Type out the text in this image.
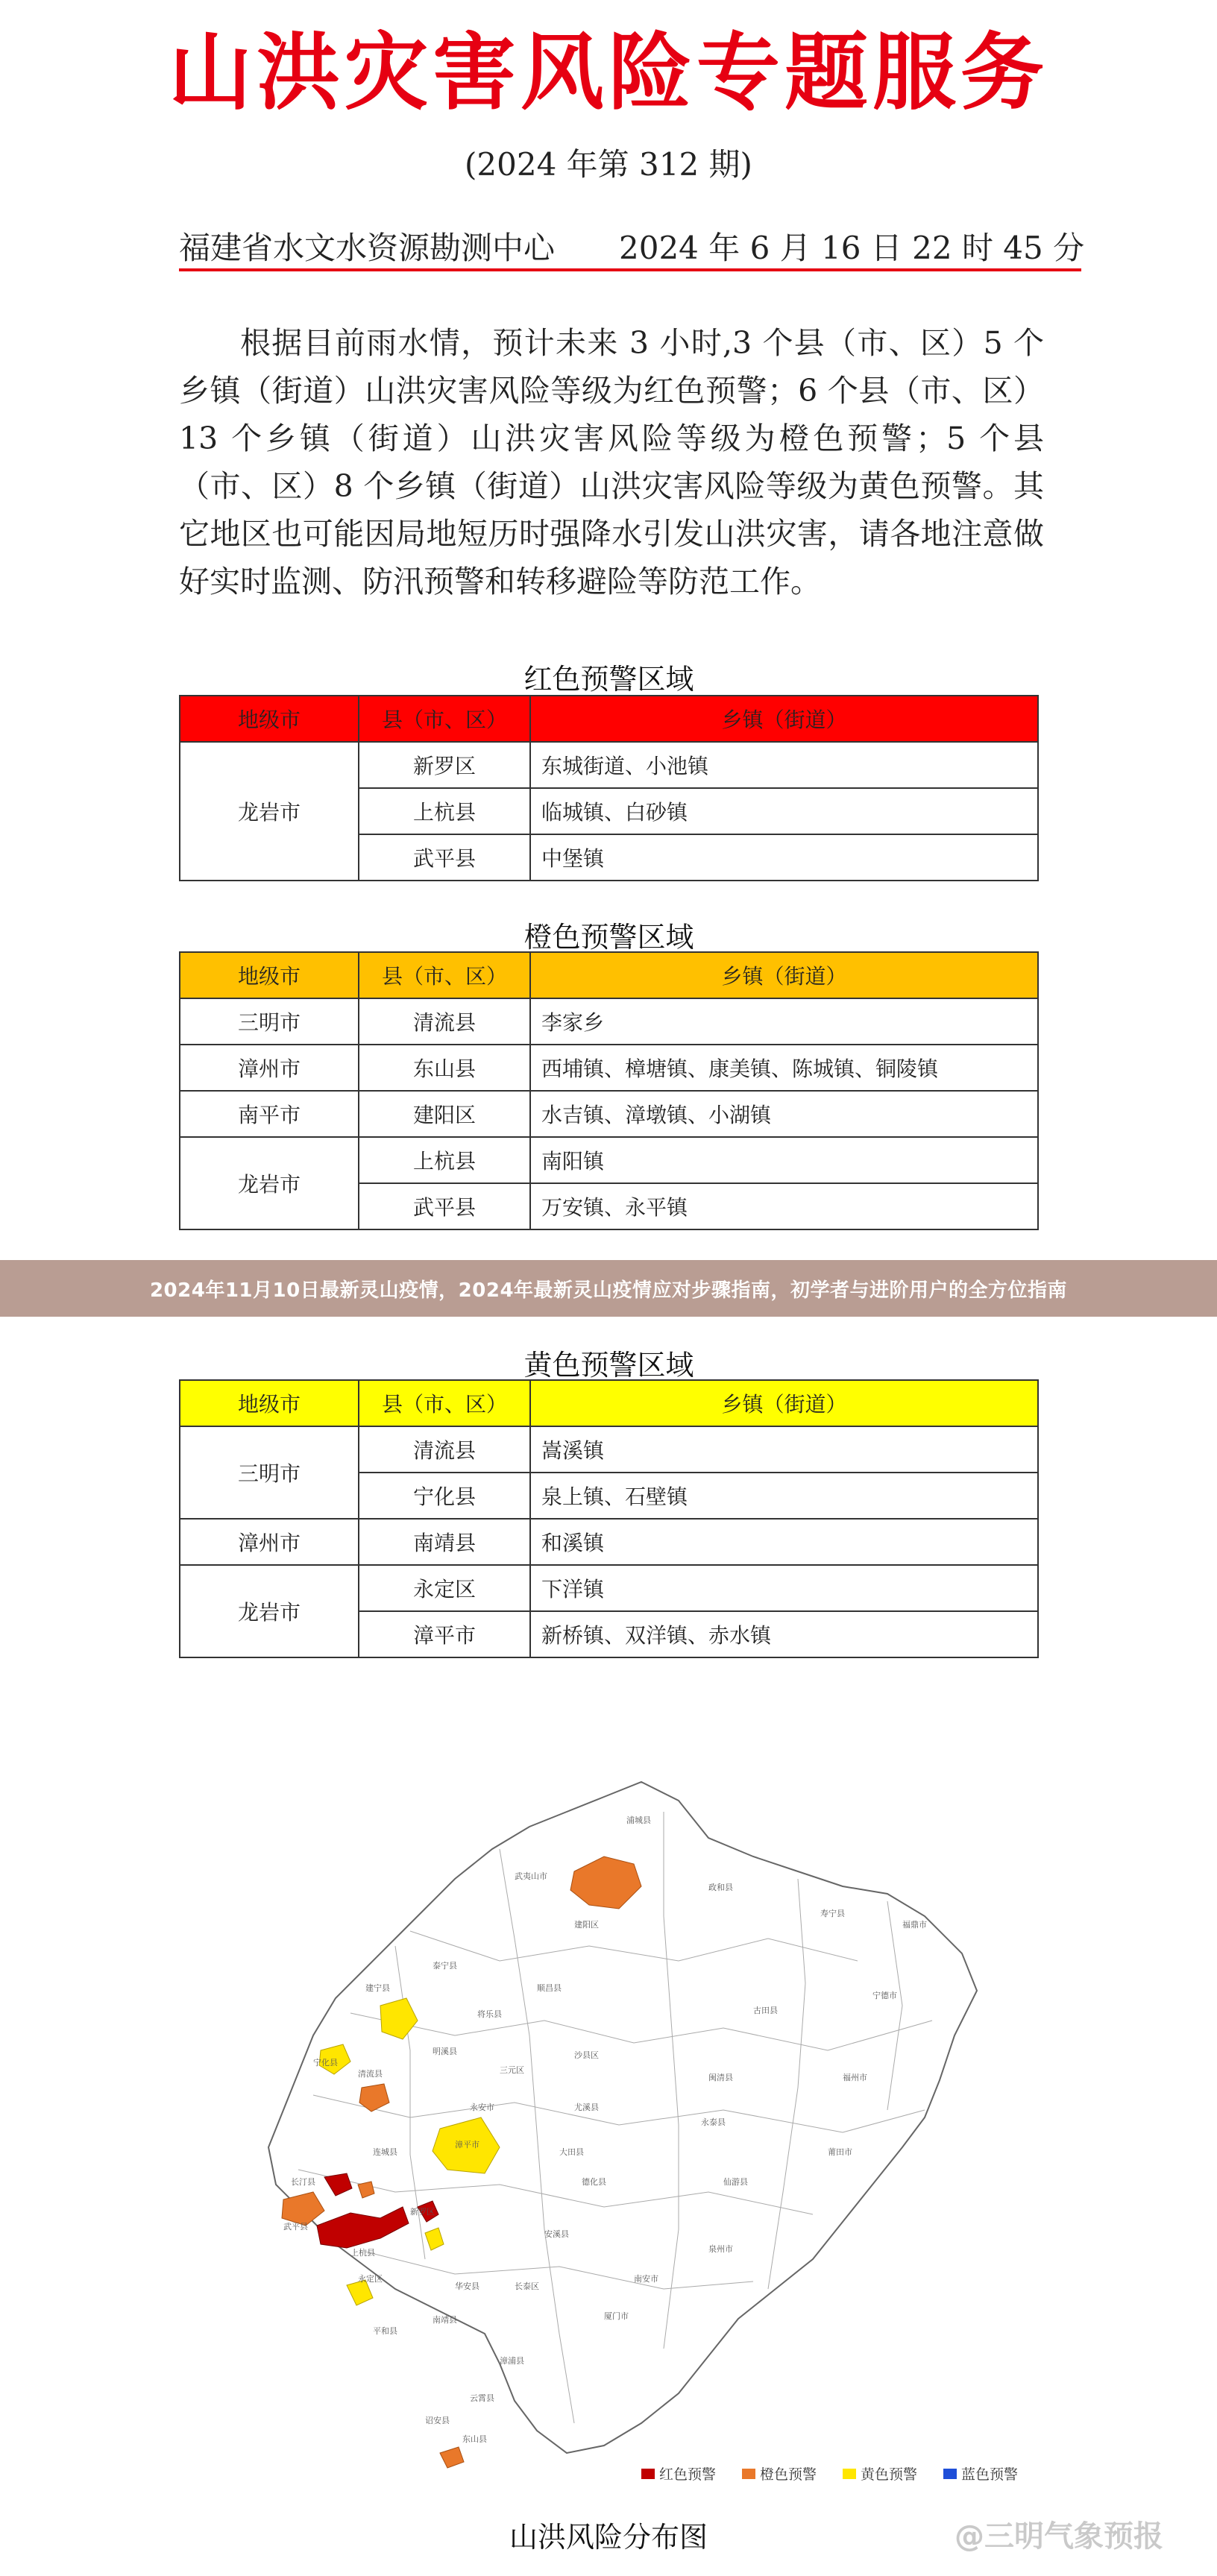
山洪灾害风险专题服务
(2024 年第 312 期)
福建省水文水资源勘测中心 2024 年 6 月 16 日 22 时 45 分
根据目前雨水情，预计未来 3 小时,3 个县（市、区）5 个乡镇（街道）山洪灾害风险等级为红色预警；6 个县（市、区）13 个乡镇（街道）山洪灾害风险等级为橙色预警；5 个县（市、区）8 个乡镇（街道）山洪灾害风险等级为黄色预警。其它地区也可能因局地短历时强降水引发山洪灾害，请各地注意做好实时监测、防汛预警和转移避险等防范工作。
红色预警区域
地级市	县（市、区）	乡镇（街道）
龙岩市	新罗区	东城街道、小池镇
	上杭县	临城镇、白砂镇
	武平县	中堡镇
橙色预警区域
地级市	县（市、区）	乡镇（街道）
三明市	清流县	李家乡
漳州市	东山县	西埔镇、樟塘镇、康美镇、陈城镇、铜陵镇
南平市	建阳区	水吉镇、漳墩镇、小湖镇
龙岩市	上杭县	南阳镇
	武平县	万安镇、永平镇
2024年11月10日最新灵山疫情，2024年最新灵山疫情应对步骤指南，初学者与进阶用户的全方位指南
黄色预警区域
地级市	县（市、区）	乡镇（街道）
三明市	清流县	嵩溪镇
	宁化县	泉上镇、石壁镇
漳州市	南靖县	和溪镇
龙岩市	永定区	下洋镇
	漳平市	新桥镇、双洋镇、赤水镇
浦城县
武夷山市
建阳区
政和县
寿宁县
福鼎市
建宁县
泰宁县
将乐县
顺昌县
沙县区
古田县
宁德市
明溪县
三元区
尤溪县
闽清县	福州市
宁化县
清流县
永安市
大田县
永泰县
长汀县
连城县
漳平市
德化县	仙游县
莆田市
武平县
上杭县
新罗区
安溪县
南安市
泉州市
永定区
华安县	长泰区
厦门市
南靖县
平和县
漳浦县
云霄县
诏安县
东山县
红色预警	橙色预警	黄色预警	蓝色预警
山洪风险分布图	@三明气象预报
